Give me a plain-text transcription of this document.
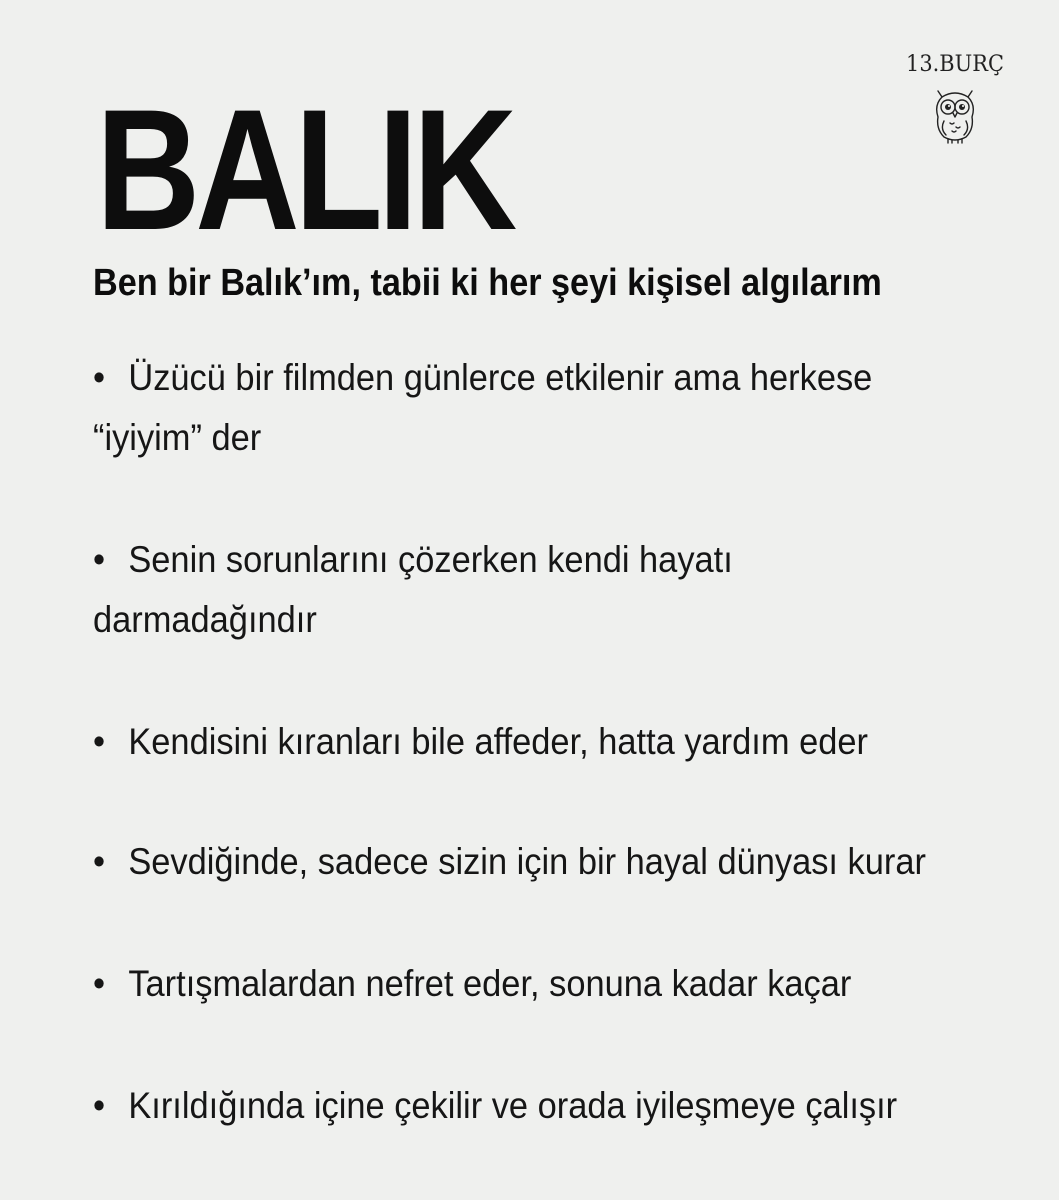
13.BURÇ
BALIK
Ben bir Balık’ım, tabii ki her şeyi kişisel algılarım
• Üzücü bir filmden günlerce etkilenir ama herkese
“iyiyim” der
• Senin sorunlarını çözerken kendi hayatı
darmadağındır
• Kendisini kıranları bile affeder, hatta yardım eder
• Sevdiğinde, sadece sizin için bir hayal dünyası kurar
• Tartışmalardan nefret eder, sonuna kadar kaçar
• Kırıldığında içine çekilir ve orada iyileşmeye çalışır
